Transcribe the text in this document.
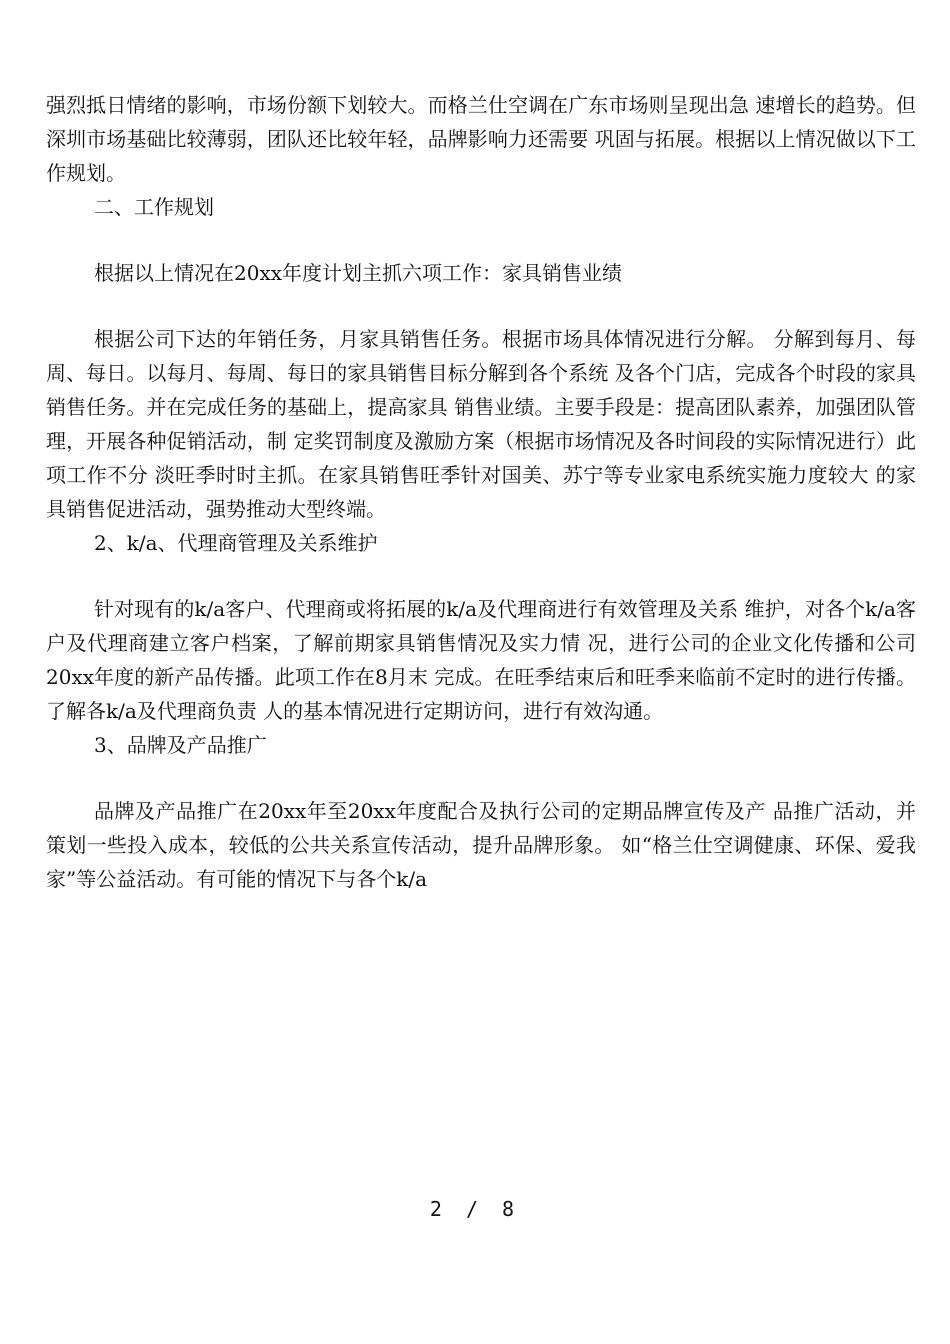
强烈抵日情绪的影响，市场份额下划较大。而格兰仕空调在广东市场则呈现出急 速增长的趋势。但深圳市场基础比较薄弱，团队还比较年轻，品牌影响力还需要 巩固与拓展。根据以上情况做以下工作规划。

二、工作规划

根据以上情况在20xx年度计划主抓六项工作：家具销售业绩

根据公司下达的年销任务，月家具销售任务。根据市场具体情况进行分解。 分解到每月、每周、每日。以每月、每周、每日的家具销售目标分解到各个系统 及各个门店，完成各个时段的家具销售任务。并在完成任务的基础上，提高家具 销售业绩。主要手段是：提高团队素养，加强团队管理，开展各种促销活动，制 定奖罚制度及激励方案（根据市场情况及各时间段的实际情况进行）此项工作不分 淡旺季时时主抓。在家具销售旺季针对国美、苏宁等专业家电系统实施力度较大 的家具销售促进活动，强势推动大型终端。

2、k/a、代理商管理及关系维护

针对现有的k/a客户、代理商或将拓展的k/a及代理商进行有效管理及关系 维护，对各个k/a客户及代理商建立客户档案，了解前期家具销售情况及实力情 况，进行公司的企业文化传播和公司20xx年度的新产品传播。此项工作在8月末 完成。在旺季结束后和旺季来临前不定时的进行传播。了解各k/a及代理商负责 人的基本情况进行定期访问，进行有效沟通。

3、品牌及产品推广

品牌及产品推广在20xx年至20xx年度配合及执行公司的定期品牌宣传及产 品推广活动，并策划一些投入成本，较低的公共关系宣传活动，提升品牌形象。 如“格兰仕空调健康、环保、爱我家”等公益活动。有可能的情况下与各个k/a

2 / 8
